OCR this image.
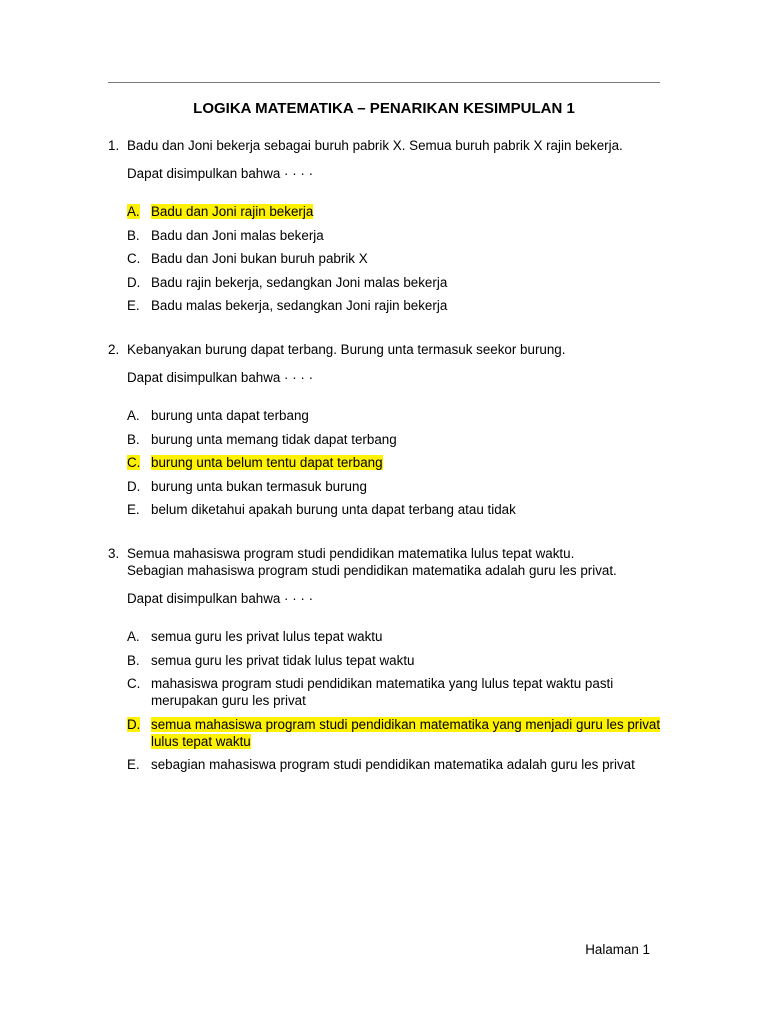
LOGIKA MATEMATIKA – PENARIKAN KESIMPULAN 1
1. Badu dan Joni bekerja sebagai buruh pabrik X. Semua buruh pabrik X rajin bekerja.
Dapat disimpulkan bahwa · · · ·
A. Badu dan Joni rajin bekerja
B. Badu dan Joni malas bekerja
C. Badu dan Joni bukan buruh pabrik X
D. Badu rajin bekerja, sedangkan Joni malas bekerja
E. Badu malas bekerja, sedangkan Joni rajin bekerja
2. Kebanyakan burung dapat terbang. Burung unta termasuk seekor burung.
Dapat disimpulkan bahwa · · · ·
A. burung unta dapat terbang
B. burung unta memang tidak dapat terbang
C. burung unta belum tentu dapat terbang
D. burung unta bukan termasuk burung
E. belum diketahui apakah burung unta dapat terbang atau tidak
3. Semua mahasiswa program studi pendidikan matematika lulus tepat waktu.
Sebagian mahasiswa program studi pendidikan matematika adalah guru les privat.
Dapat disimpulkan bahwa · · · ·
A. semua guru les privat lulus tepat waktu
B. semua guru les privat tidak lulus tepat waktu
C. mahasiswa program studi pendidikan matematika yang lulus tepat waktu pasti merupakan guru les privat
D. semua mahasiswa program studi pendidikan matematika yang menjadi guru les privat lulus tepat waktu
E. sebagian mahasiswa program studi pendidikan matematika adalah guru les privat
Halaman 1
